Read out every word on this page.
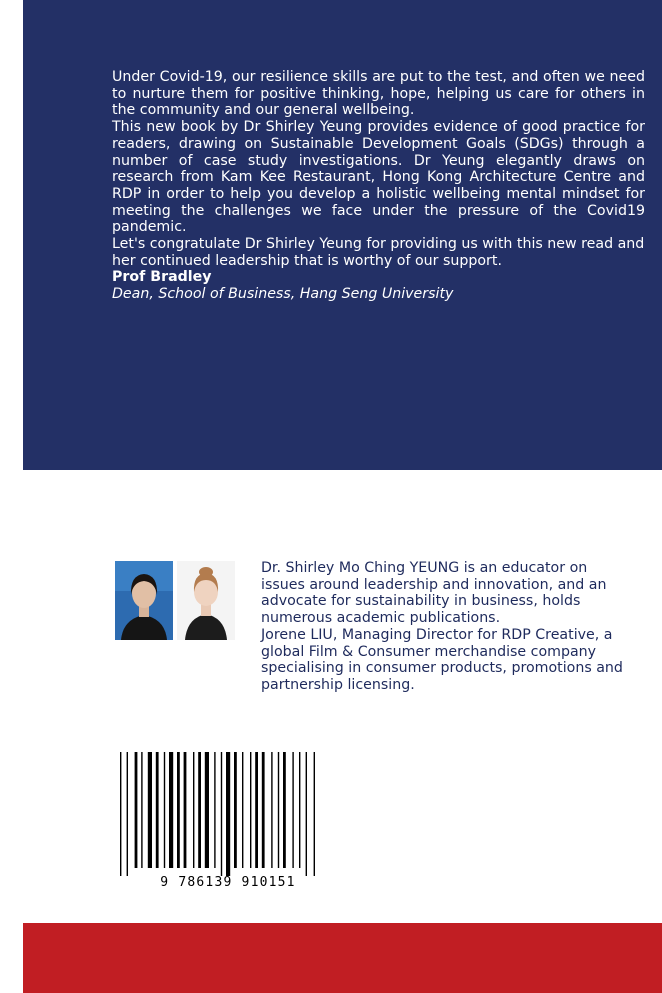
Under Covid-19, our resilience skills are put to the test, and often we need to nurture them for positive thinking, hope, helping us care for others in the community and our general wellbeing.

This new book by Dr Shirley Yeung provides evidence of good practice for readers, drawing on Sustainable Development Goals (SDGs) through a number of case study investigations. Dr Yeung elegantly draws on research from Kam Kee Restaurant, Hong Kong Architecture Centre and RDP in order to help you develop a holistic wellbeing mental mindset for meeting the challenges we face under the pressure of the Covid19 pandemic.

Let's congratulate Dr Shirley Yeung for providing us with this new read and her continued leadership that is worthy of our support.

Prof Bradley
Dean, School of Business, Hang Seng University

Dr. Shirley Mo Ching YEUNG is an educator on issues around leadership and innovation, and an advocate for sustainability in business, holds numerous academic publications.

Jorene LIU, Managing Director for RDP Creative, a global Film & Consumer merchandise company specialising in consumer products, promotions and partnership licensing.

9 786139 910151
